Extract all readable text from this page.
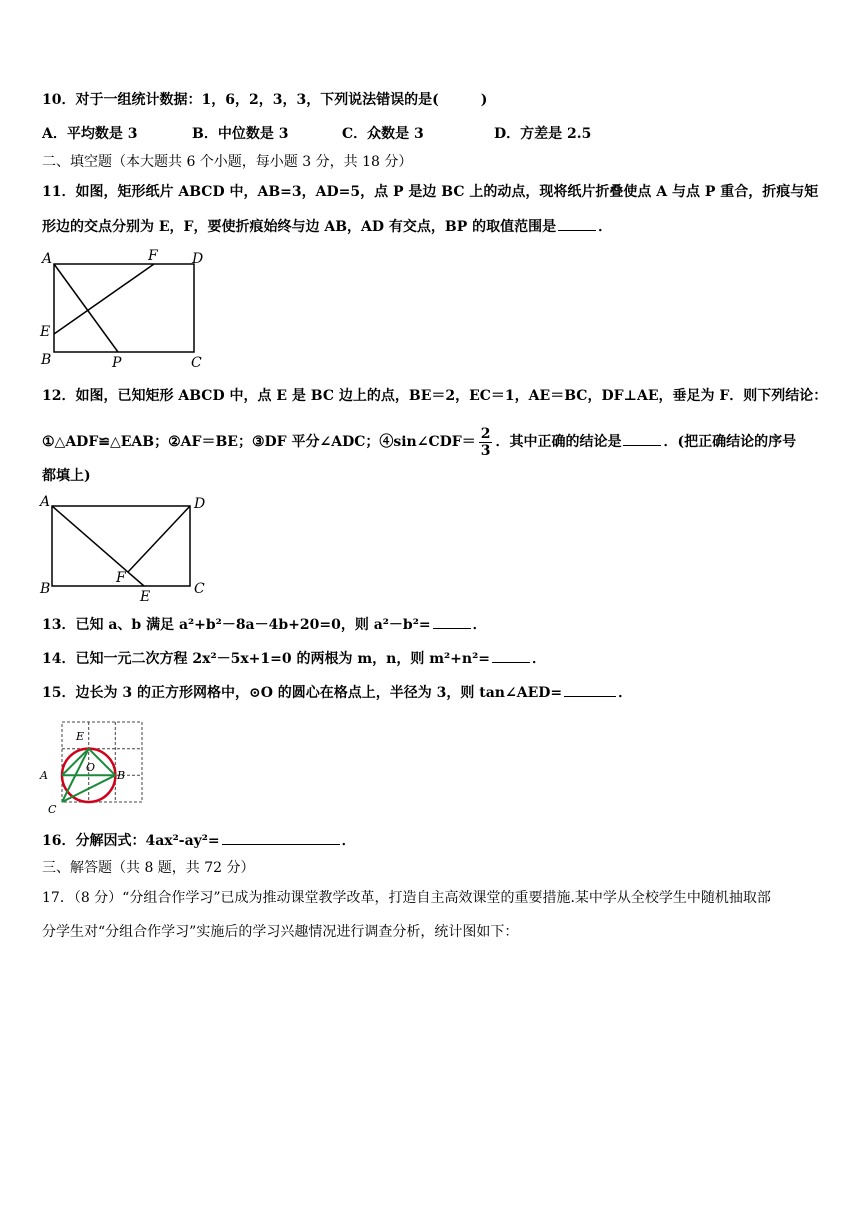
10．对于一组统计数据：1，6，2，3，3，下列说法错误的是(　　　)
A．平均数是 3	B．中位数是 3	C．众数是 3	D．方差是 2.5
二、填空题（本大题共 6 个小题，每小题 3 分，共 18 分）
11．如图，矩形纸片 ABCD 中，AB=3，AD=5，点 P 是边 BC 上的动点，现将纸片折叠使点 A 与点 P 重合，折痕与矩
形边的交点分别为 E，F，要使折痕始终与边 AB，AD 有交点，BP 的取值范围是	．
A	F D
E
B	P	C
12．如图，已知矩形 ABCD 中，点 E 是 BC 边上的点，BE＝2，EC＝1，AE＝BC，DF⊥AE，垂足为 F．则下列结论：
①△ADF≌△EAB；②AF＝BE；③DF 平分∠ADC；④sin∠CDF＝ $\frac{2}{3}$ ．其中正确的结论是	．(把正确结论的序号
都填上)
A	D
B
F
E	C
13．已知 a、b 满足 a²+b²－8a－4b+20=0，则 a²－b²=	．
14．已知一元二次方程 2x²－5x+1=0 的两根为 m，n，则 m²+n²=	．
15．边长为 3 的正方形网格中，⊙O 的圆心在格点上，半径为 3，则 tan∠AED=	．
E
O
A	B
C
16．分解因式：4ax²-ay²=	．
三、解答题（共 8 题，共 72 分）
17．（8 分）“分组合作学习”已成为推动课堂教学改革，打造自主高效课堂的重要措施.某中学从全校学生中随机抽取部
分学生对“分组合作学习”实施后的学习兴趣情况进行调查分析，统计图如下：
